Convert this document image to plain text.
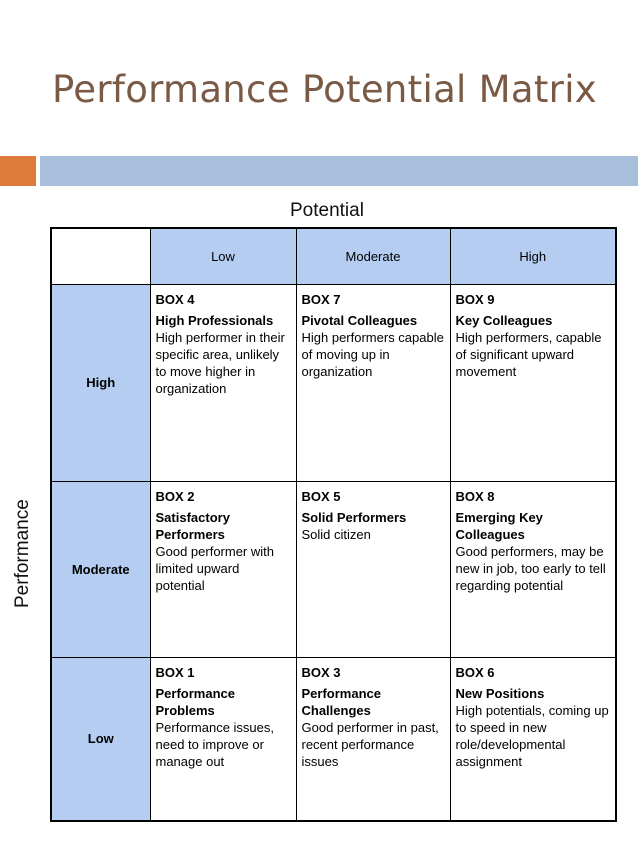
Performance Potential Matrix
Potential
Performance
	Low	Moderate	High
High	BOX 4
High Professionals
High performer in their specific area, unlikely to move higher in organization	BOX 7
Pivotal Colleagues
High performers capable of moving up in organization	BOX 9
Key Colleagues
High performers, capable of significant upward movement

Moderate	BOX 2
Satisfactory Performers
Good performer with limited upward potential	BOX 5
Solid Performers
Solid citizen	BOX 8
Emerging Key Colleagues
Good performers, may be new in job, too early to tell regarding potential

Low	BOX 1
Performance Problems
Performance issues, need to improve or manage out	BOX 3
Performance Challenges
Good performer in past, recent performance issues	BOX 6
New Positions
High potentials, coming up to speed in new role/developmental assignment
